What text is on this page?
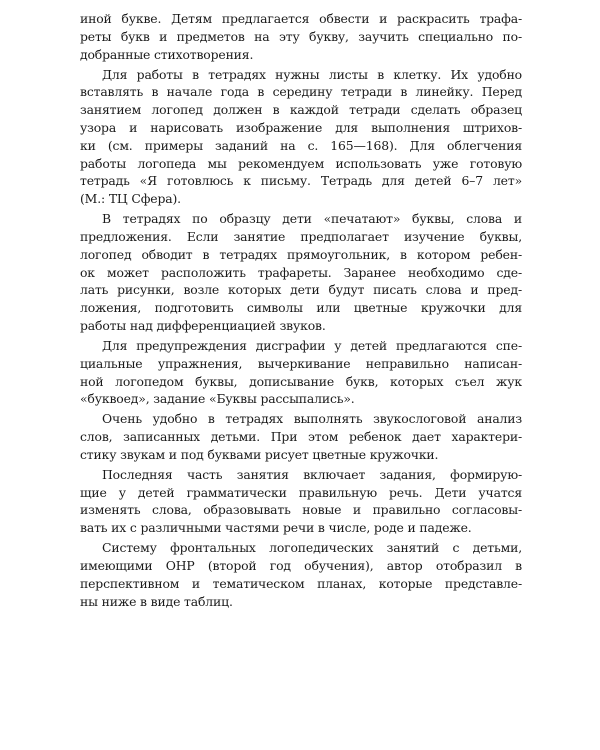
иной букве. Детям предлагается обвести и раскрасить трафа-
реты букв и предметов на эту букву, заучить специально по-
добранные стихотворения.
Для работы в тетрадях нужны листы в клетку. Их удобно
вставлять в начале года в середину тетради в линейку. Перед
занятием логопед должен в каждой тетради сделать образец
узора и нарисовать изображение для выполнения штрихов-
ки (см. примеры заданий на с. 165—168). Для облегчения
работы логопеда мы рекомендуем использовать уже готовую
тетрадь «Я готовлюсь к письму. Тетрадь для детей 6–7 лет»
(М.: ТЦ Сфера).
В тетрадях по образцу дети «печатают» буквы, слова и
предложения. Если занятие предполагает изучение буквы,
логопед обводит в тетрадях прямоугольник, в котором ребен-
ок может расположить трафареты. Заранее необходимо сде-
лать рисунки, возле которых дети будут писать слова и пред-
ложения, подготовить символы или цветные кружочки для
работы над дифференциацией звуков.
Для предупреждения дисграфии у детей предлагаются спе-
циальные упражнения, вычеркивание неправильно написан-
ной логопедом буквы, дописывание букв, которых съел жук
«буквоед», задание «Буквы рассыпались».
Очень удобно в тетрадях выполнять звукослоговой анализ
слов, записанных детьми. При этом ребенок дает характери-
стику звукам и под буквами рисует цветные кружочки.
Последняя часть занятия включает задания, формирую-
щие у детей грамматически правильную речь. Дети учатся
изменять слова, образовывать новые и правильно согласовы-
вать их с различными частями речи в числе, роде и падеже.
Систему фронтальных логопедических занятий с детьми,
имеющими ОНР (второй год обучения), автор отобразил в
перспективном и тематическом планах, которые представле-
ны ниже в виде таблиц.
